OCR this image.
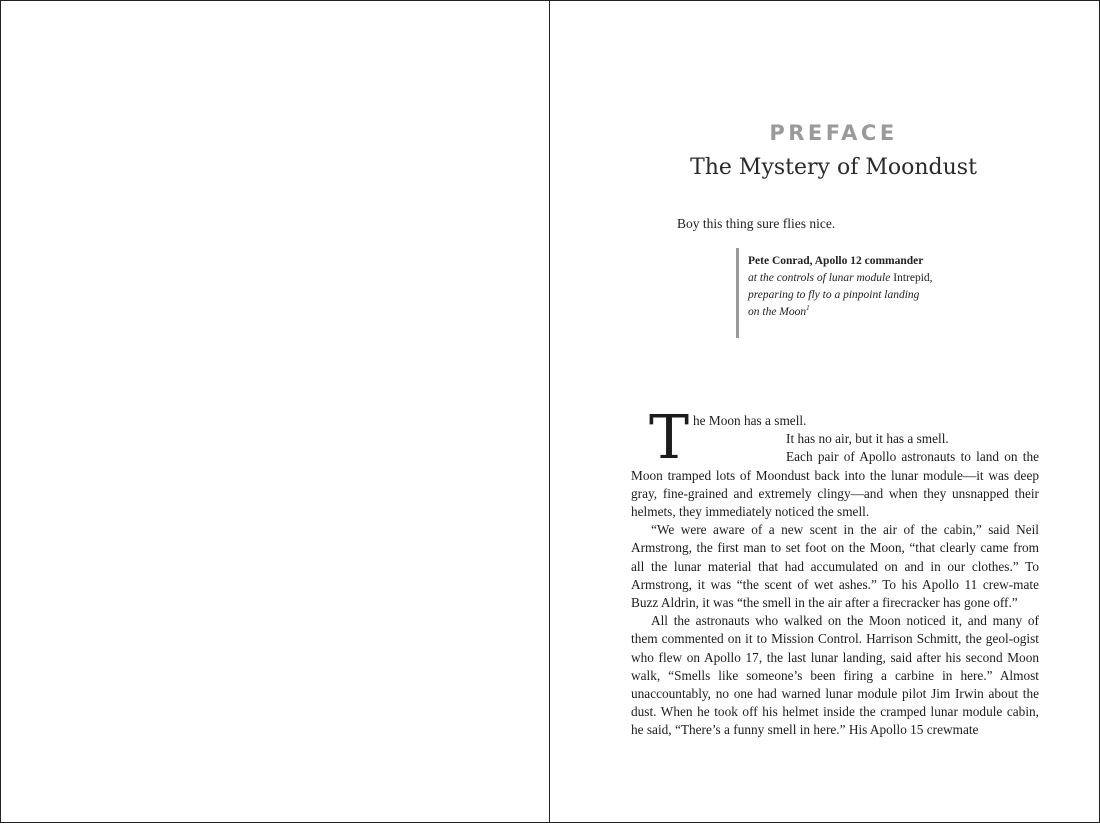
PREFACE
The Mystery of Moondust
Boy this thing sure flies nice.
Pete Conrad, Apollo 12 commander
at the controls of lunar module Intrepid,
preparing to fly to a pinpoint landing
on the Moon$^1$

The Moon has a smell.

It has no air, but it has a smell.

Each pair of Apollo astronauts to land on the Moon tramped lots of Moondust back into the lunar module—it was deep gray, fine-grained and extremely clingy—and when they unsnapped their helmets, they immediately noticed the smell.

“We were aware of a new scent in the air of the cabin,” said Neil Armstrong, the first man to set foot on the Moon, “that clearly came from all the lunar material that had accumulated on and in our clothes.” To Armstrong, it was “the scent of wet ashes.” To his Apollo 11 crew-mate Buzz Aldrin, it was “the smell in the air after a firecracker has gone off.”

All the astronauts who walked on the Moon noticed it, and many of them commented on it to Mission Control. Harrison Schmitt, the geol-ogist who flew on Apollo 17, the last lunar landing, said after his second Moon walk, “Smells like someone’s been firing a carbine in here.” Almost unaccountably, no one had warned lunar module pilot Jim Irwin about the dust. When he took off his helmet inside the cramped lunar module cabin, he said, “There’s a funny smell in here.” His Apollo 15 crewmate
